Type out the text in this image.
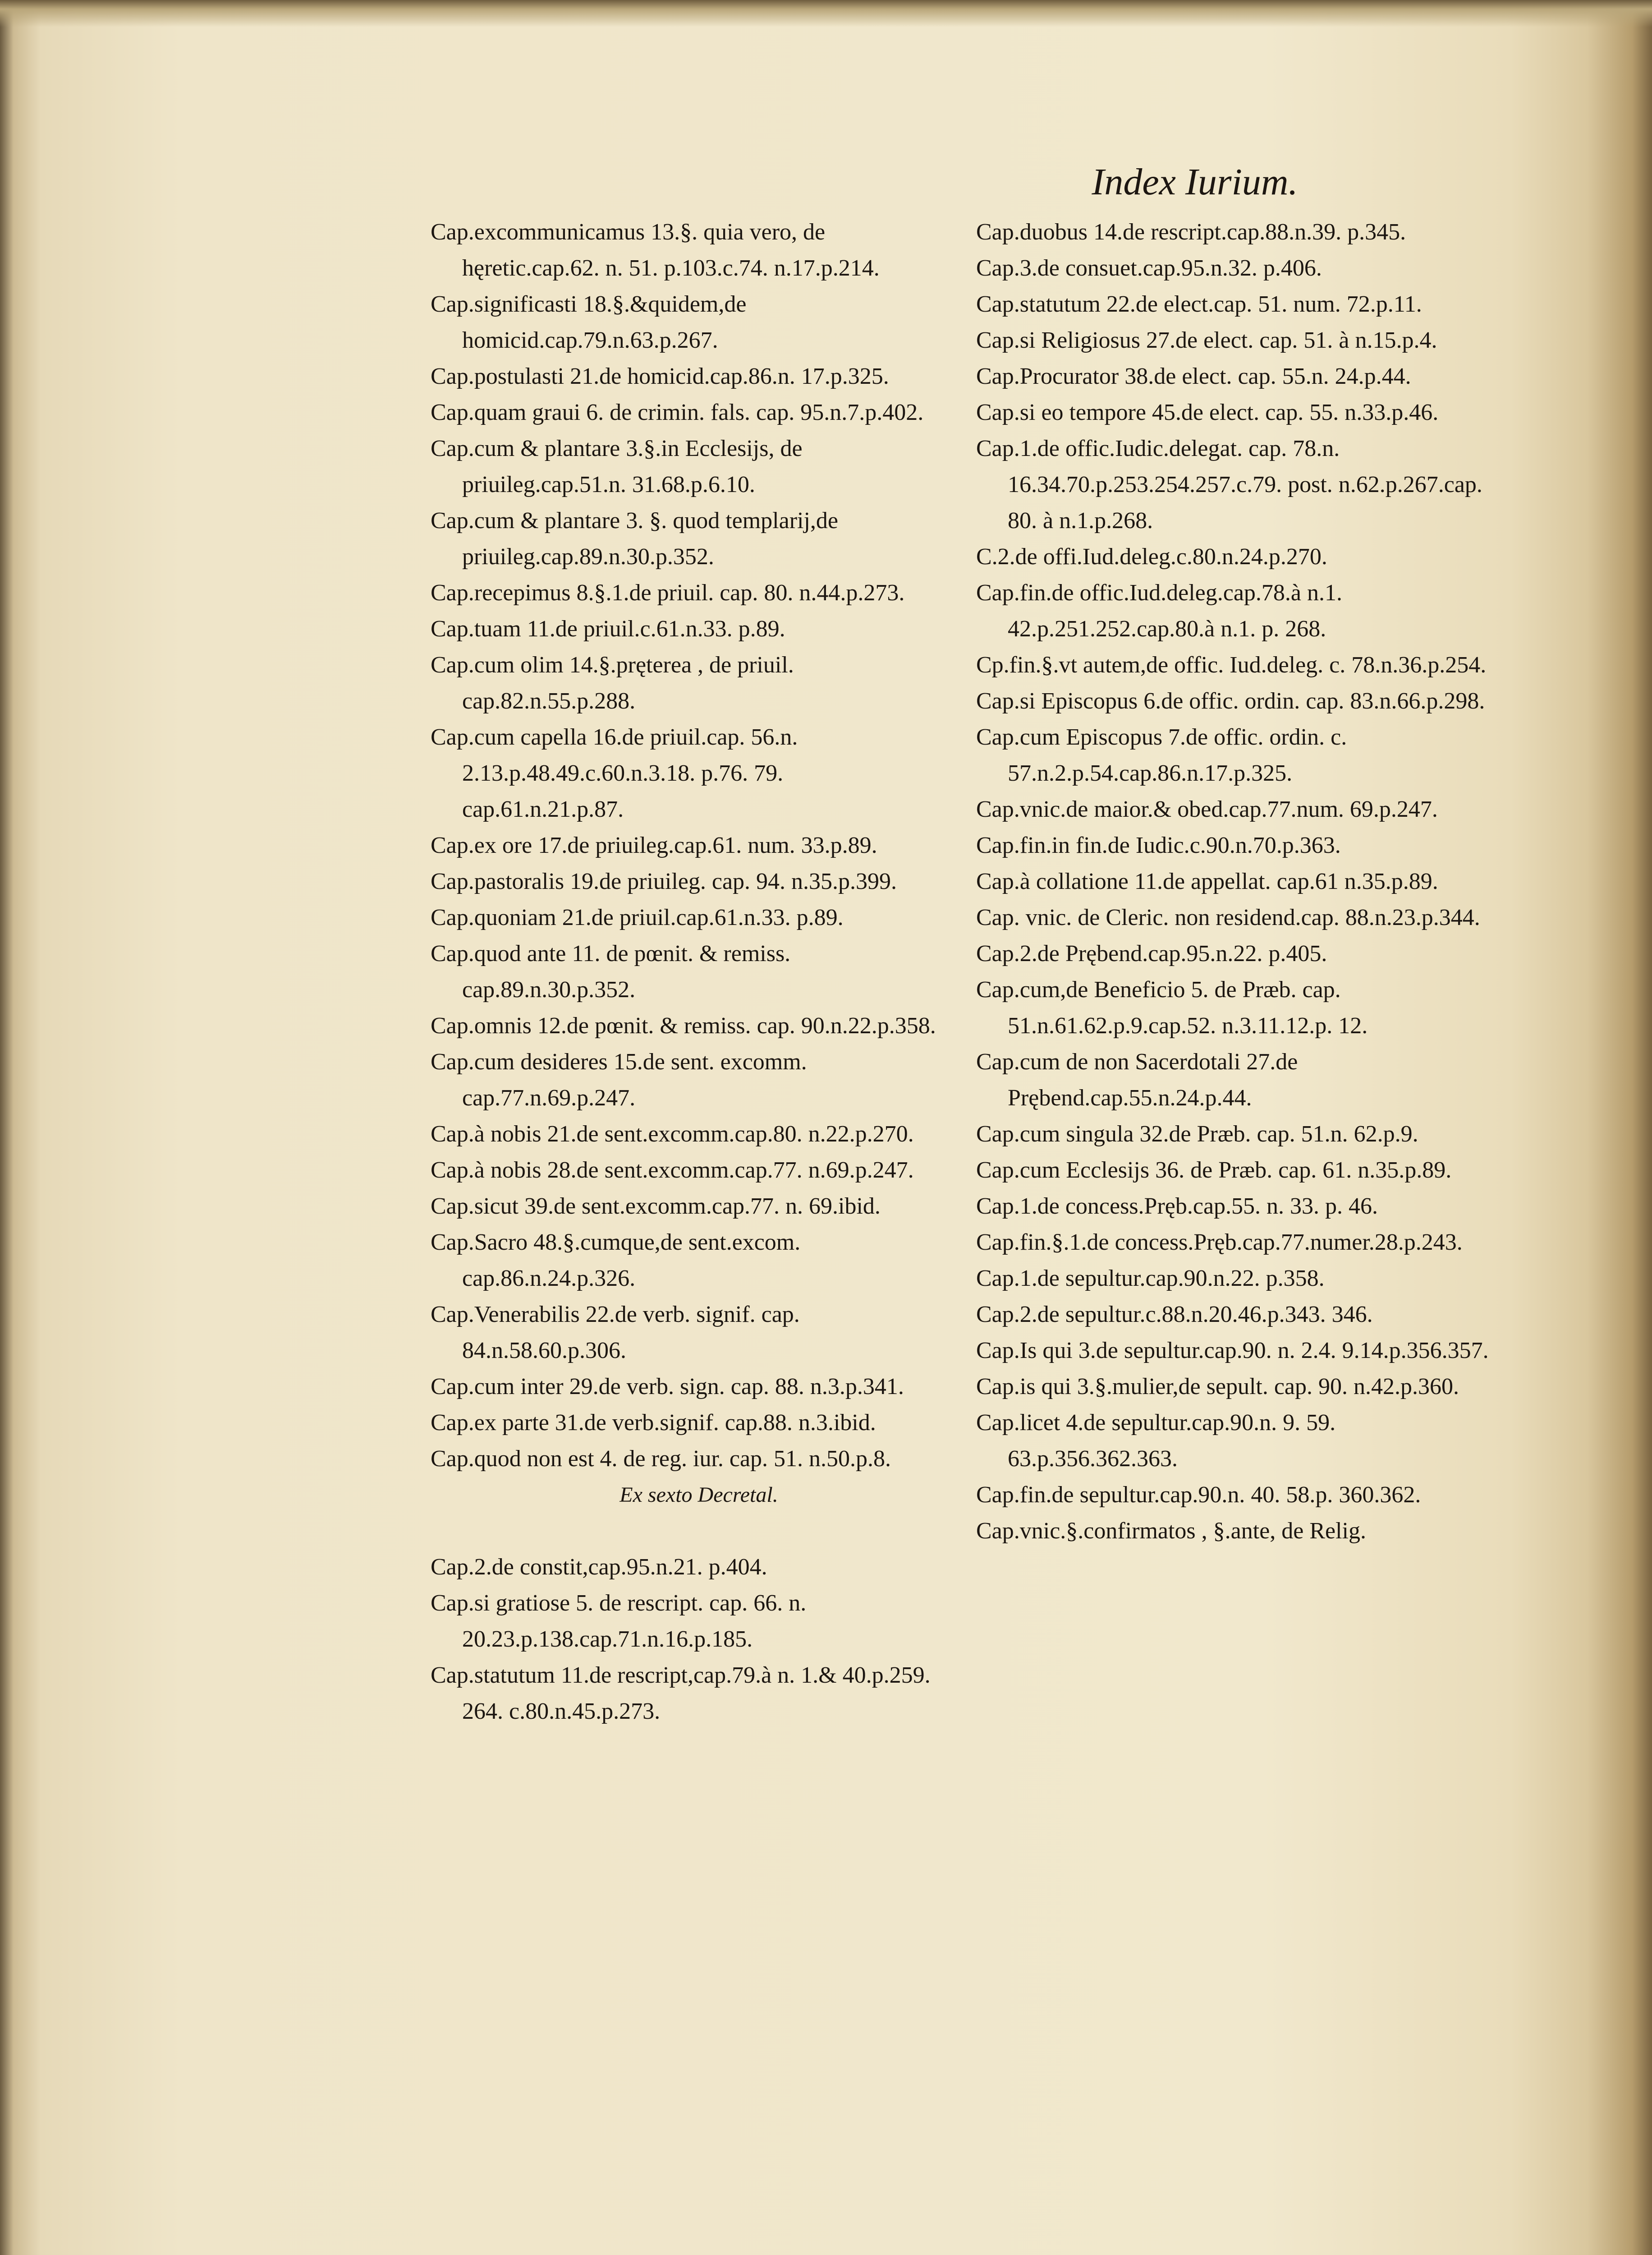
Index Iurium.

Cap.excommunicamus 13.§. quia vero, de hęretic.cap.62. n. 51. p.103.c.74. n.17.p.214.

Cap.significasti 18.§.&quidem,de homicid.cap.79.n.63.p.267.

Cap.postulasti 21.de homicid.cap.86.n. 17.p.325.

Cap.quam graui 6. de crimin. fals. cap. 95.n.7.p.402.

Cap.cum & plantare 3.§.in Ecclesijs, de priuileg.cap.51.n. 31.68.p.6.10.

Cap.cum & plantare 3. §. quod templarij,de priuileg.cap.89.n.30.p.352.

Cap.recepimus 8.§.1.de priuil. cap. 80. n.44.p.273.

Cap.tuam 11.de priuil.c.61.n.33. p.89.

Cap.cum olim 14.§.pręterea , de priuil. cap.82.n.55.p.288.

Cap.cum capella 16.de priuil.cap. 56.n. 2.13.p.48.49.c.60.n.3.18. p.76. 79. cap.61.n.21.p.87.

Cap.ex ore 17.de priuileg.cap.61. num. 33.p.89.

Cap.pastoralis 19.de priuileg. cap. 94. n.35.p.399.

Cap.quoniam 21.de priuil.cap.61.n.33. p.89.

Cap.quod ante 11. de pœnit. & remiss. cap.89.n.30.p.352.

Cap.omnis 12.de pœnit. & remiss. cap. 90.n.22.p.358.

Cap.cum desideres 15.de sent. excomm. cap.77.n.69.p.247.

Cap.à nobis 21.de sent.excomm.cap.80. n.22.p.270.

Cap.à nobis 28.de sent.excomm.cap.77. n.69.p.247.

Cap.sicut 39.de sent.excomm.cap.77. n. 69.ibid.

Cap.Sacro 48.§.cumque,de sent.excom. cap.86.n.24.p.326.

Cap.Venerabilis 22.de verb. signif. cap. 84.n.58.60.p.306.

Cap.cum inter 29.de verb. sign. cap. 88. n.3.p.341.

Cap.ex parte 31.de verb.signif. cap.88. n.3.ibid.

Cap.quod non est 4. de reg. iur. cap. 51. n.50.p.8.

Ex sexto Decretal.

Cap.2.de constit,cap.95.n.21. p.404.

Cap.si gratiose 5. de rescript. cap. 66. n. 20.23.p.138.cap.71.n.16.p.185.

Cap.statutum 11.de rescript,cap.79.à n. 1.& 40.p.259. 264. c.80.n.45.p.273.

Cap.duobus 14.de rescript.cap.88.n.39. p.345.

Cap.3.de consuet.cap.95.n.32. p.406.

Cap.statutum 22.de elect.cap. 51. num. 72.p.11.

Cap.si Religiosus 27.de elect. cap. 51. à n.15.p.4.

Cap.Procurator 38.de elect. cap. 55.n. 24.p.44.

Cap.si eo tempore 45.de elect. cap. 55. n.33.p.46.

Cap.1.de offic.Iudic.delegat. cap. 78.n. 16.34.70.p.253.254.257.c.79. post. n.62.p.267.cap. 80. à n.1.p.268.

C.2.de offi.Iud.deleg.c.80.n.24.p.270.

Cap.fin.de offic.Iud.deleg.cap.78.à n.1. 42.p.251.252.cap.80.à n.1. p. 268.

Cp.fin.§.vt autem,de offic. Iud.deleg. c. 78.n.36.p.254.

Cap.si Episcopus 6.de offic. ordin. cap. 83.n.66.p.298.

Cap.cum Episcopus 7.de offic. ordin. c. 57.n.2.p.54.cap.86.n.17.p.325.

Cap.vnic.de maior.& obed.cap.77.num. 69.p.247.

Cap.fin.in fin.de Iudic.c.90.n.70.p.363.

Cap.à collatione 11.de appellat. cap.61 n.35.p.89.

Cap. vnic. de Cleric. non residend.cap. 88.n.23.p.344.

Cap.2.de Prębend.cap.95.n.22. p.405.

Cap.cum,de Beneficio 5. de Præb. cap. 51.n.61.62.p.9.cap.52. n.3.11.12.p. 12.

Cap.cum de non Sacerdotali 27.de Prębend.cap.55.n.24.p.44.

Cap.cum singula 32.de Præb. cap. 51.n. 62.p.9.

Cap.cum Ecclesijs 36. de Præb. cap. 61. n.35.p.89.

Cap.1.de concess.Pręb.cap.55. n. 33. p. 46.

Cap.fin.§.1.de concess.Pręb.cap.77.numer.28.p.243.

Cap.1.de sepultur.cap.90.n.22. p.358.

Cap.2.de sepultur.c.88.n.20.46.p.343. 346.

Cap.Is qui 3.de sepultur.cap.90. n. 2.4. 9.14.p.356.357.

Cap.is qui 3.§.mulier,de sepult. cap. 90. n.42.p.360.

Cap.licet 4.de sepultur.cap.90.n. 9. 59. 63.p.356.362.363.

Cap.fin.de sepultur.cap.90.n. 40. 58.p. 360.362.

Cap.vnic.§.confirmatos , §.ante, de Relig.
